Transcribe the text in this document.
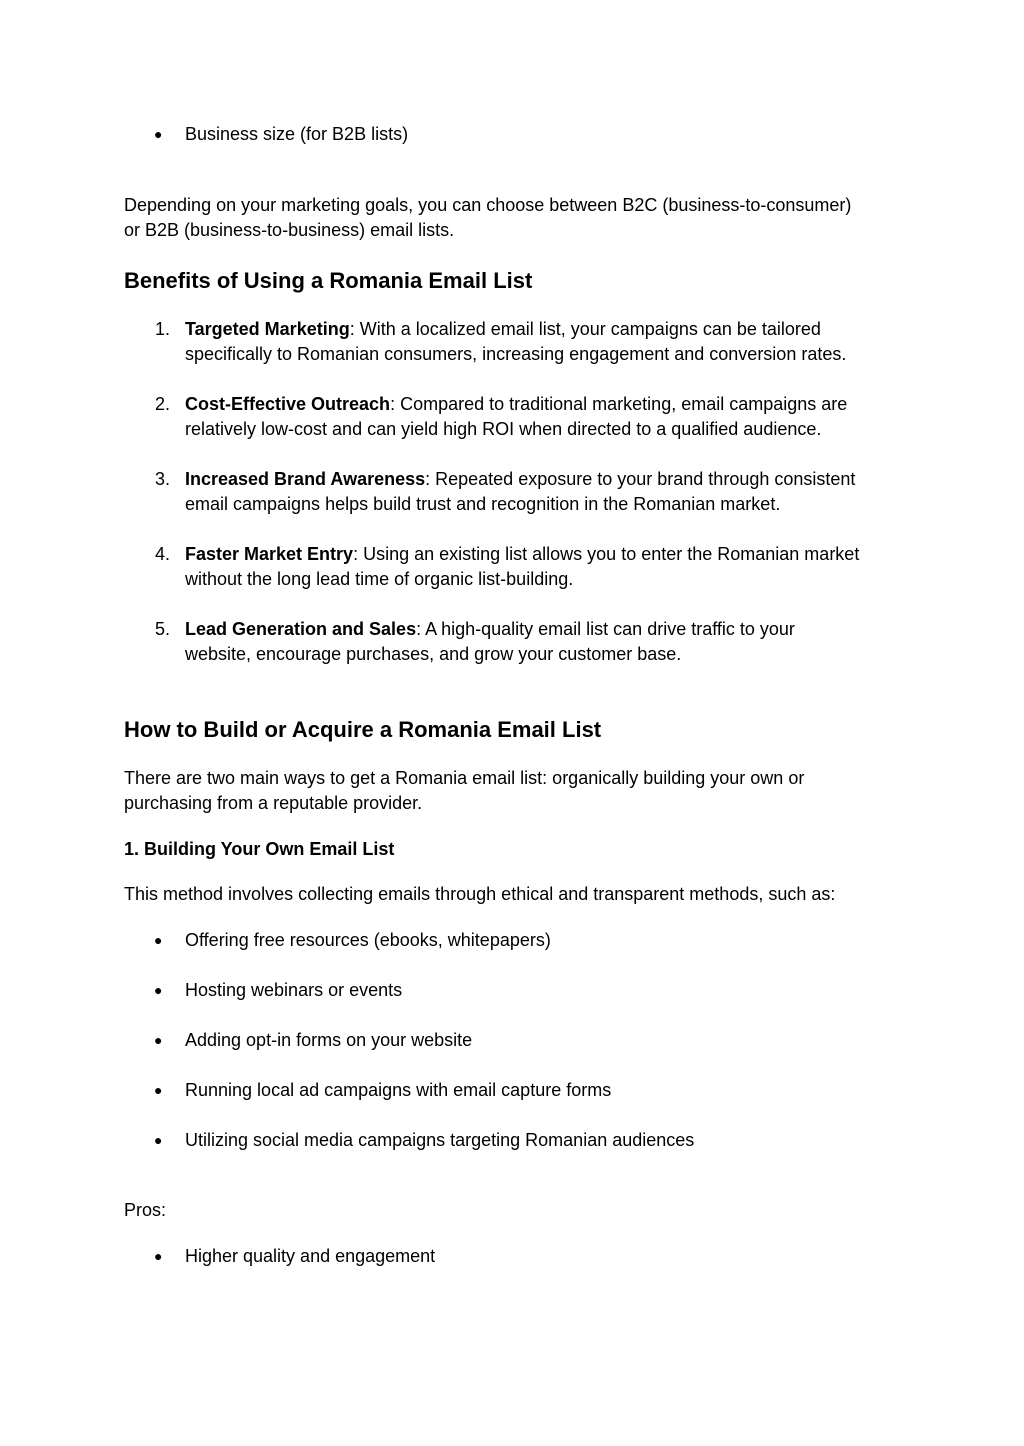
● Business size (for B2B lists)

Depending on your marketing goals, you can choose between B2C (business-to-consumer)
or B2B (business-to-business) email lists.

Benefits of Using a Romania Email List
1. Targeted Marketing: With a localized email list, your campaigns can be tailored
specifically to Romanian consumers, increasing engagement and conversion rates.
2. Cost-Effective Outreach: Compared to traditional marketing, email campaigns are
relatively low-cost and can yield high ROI when directed to a qualified audience.
3. Increased Brand Awareness: Repeated exposure to your brand through consistent
email campaigns helps build trust and recognition in the Romanian market.
4. Faster Market Entry: Using an existing list allows you to enter the Romanian market
without the long lead time of organic list-building.
5. Lead Generation and Sales: A high-quality email list can drive traffic to your
website, encourage purchases, and grow your customer base.
How to Build or Acquire a Romania Email List

There are two main ways to get a Romania email list: organically building your own or
purchasing from a reputable provider.

1. Building Your Own Email List

This method involves collecting emails through ethical and transparent methods, such as:

● Offering free resources (ebooks, whitepapers)

● Hosting webinars or events

● Adding opt-in forms on your website

● Running local ad campaigns with email capture forms

● Utilizing social media campaigns targeting Romanian audiences

Pros:

● Higher quality and engagement
